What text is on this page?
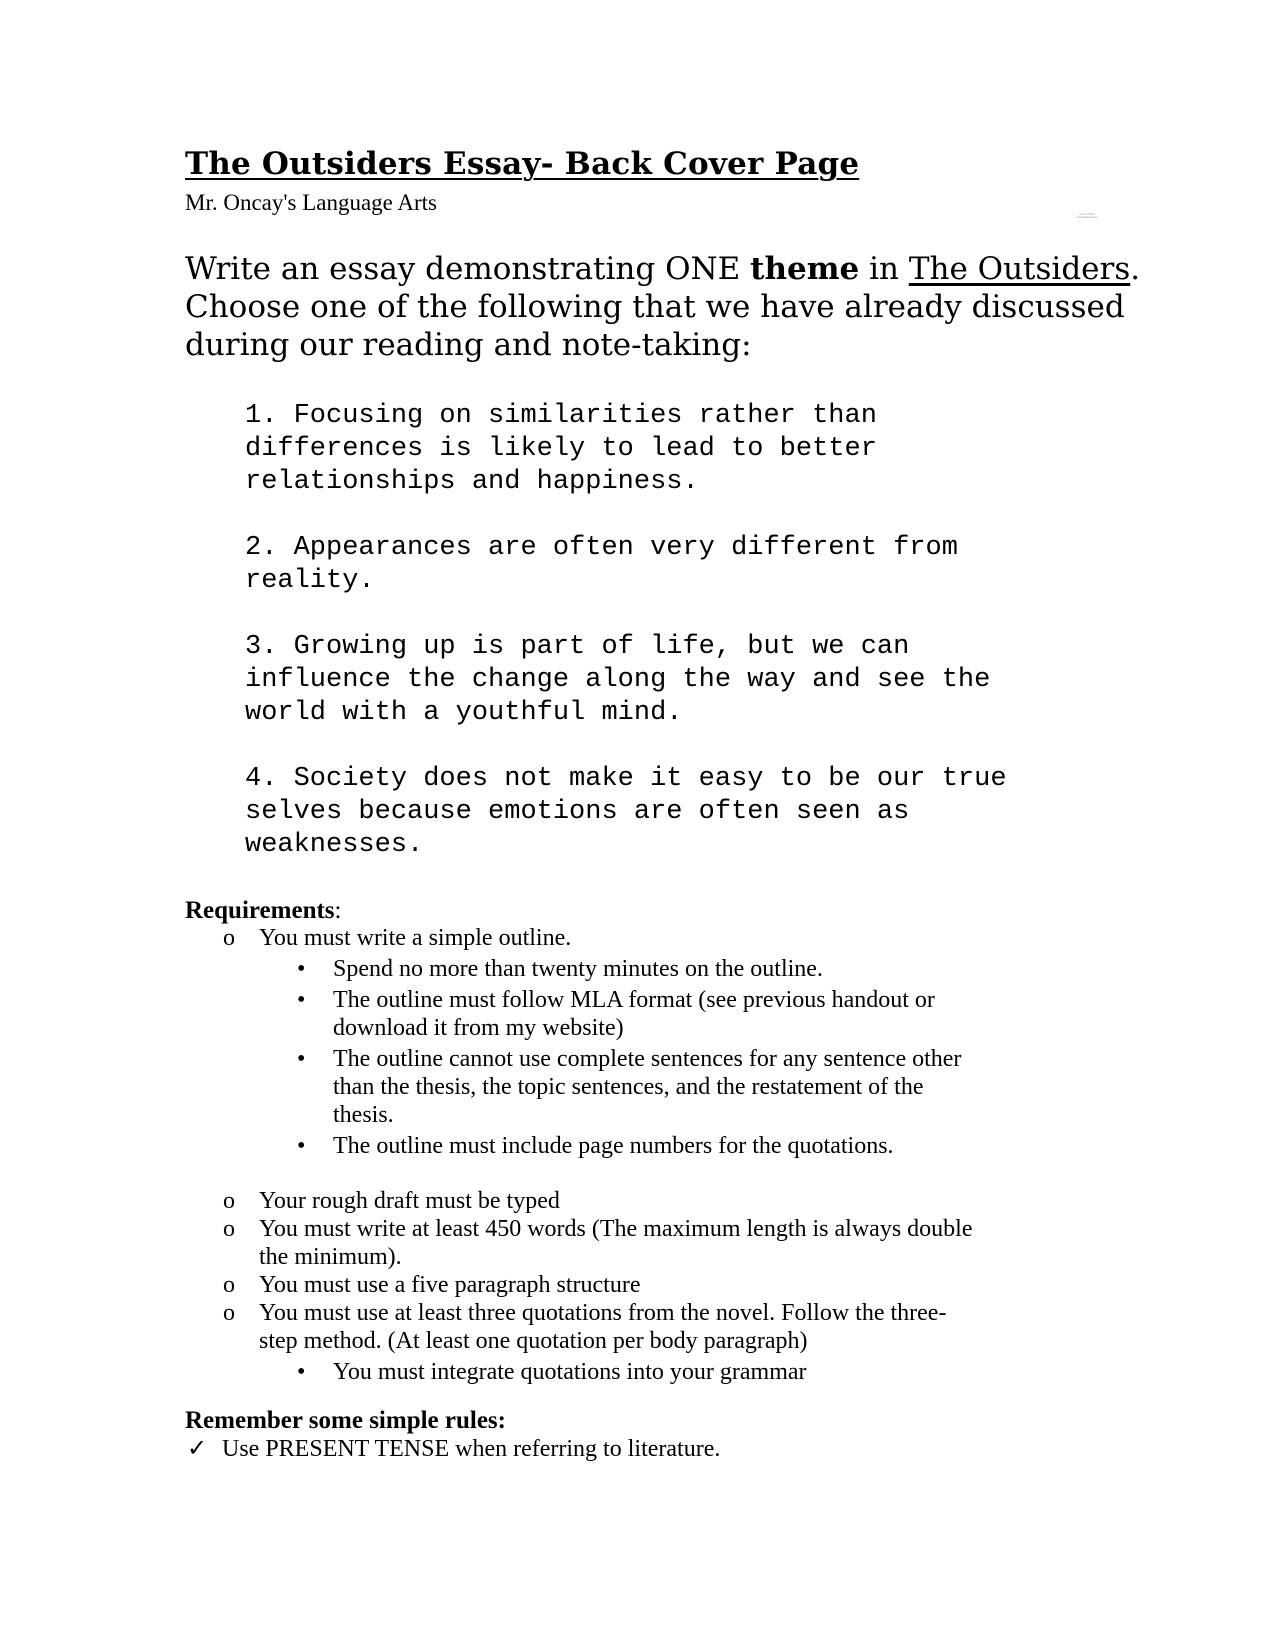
The Outsiders Essay- Back Cover Page
Mr. Oncay's Language Arts	▪▪▪▪ ▪▪ ▪▪▪▪▪▪▪
▪▪▪▪▪▪▪▪▪▪▪▪▪▪▪▪▪▪▪▪
Write an essay demonstrating ONE theme in The Outsiders.
Choose one of the following that we have already discussed
during our reading and note-taking:
1. Focusing on similarities rather than
differences is likely to lead to better
relationships and happiness.
2. Appearances are often very different from
reality.
3. Growing up is part of life, but we can
influence the change along the way and see the
world with a youthful mind.
4. Society does not make it easy to be our true
selves because emotions are often seen as
weaknesses.
Requirements:
o You must write a simple outline.
• Spend no more than twenty minutes on the outline.
• The outline must follow MLA format (see previous handout or
download it from my website)
• The outline cannot use complete sentences for any sentence other
than the thesis, the topic sentences, and the restatement of the
thesis.
• The outline must include page numbers for the quotations.
o Your rough draft must be typed
o You must write at least 450 words (The maximum length is always double
the minimum).
o You must use a five paragraph structure
o You must use at least three quotations from the novel. Follow the three-
step method. (At least one quotation per body paragraph)
• You must integrate quotations into your grammar
Remember some simple rules:
✓ Use PRESENT TENSE when referring to literature.
